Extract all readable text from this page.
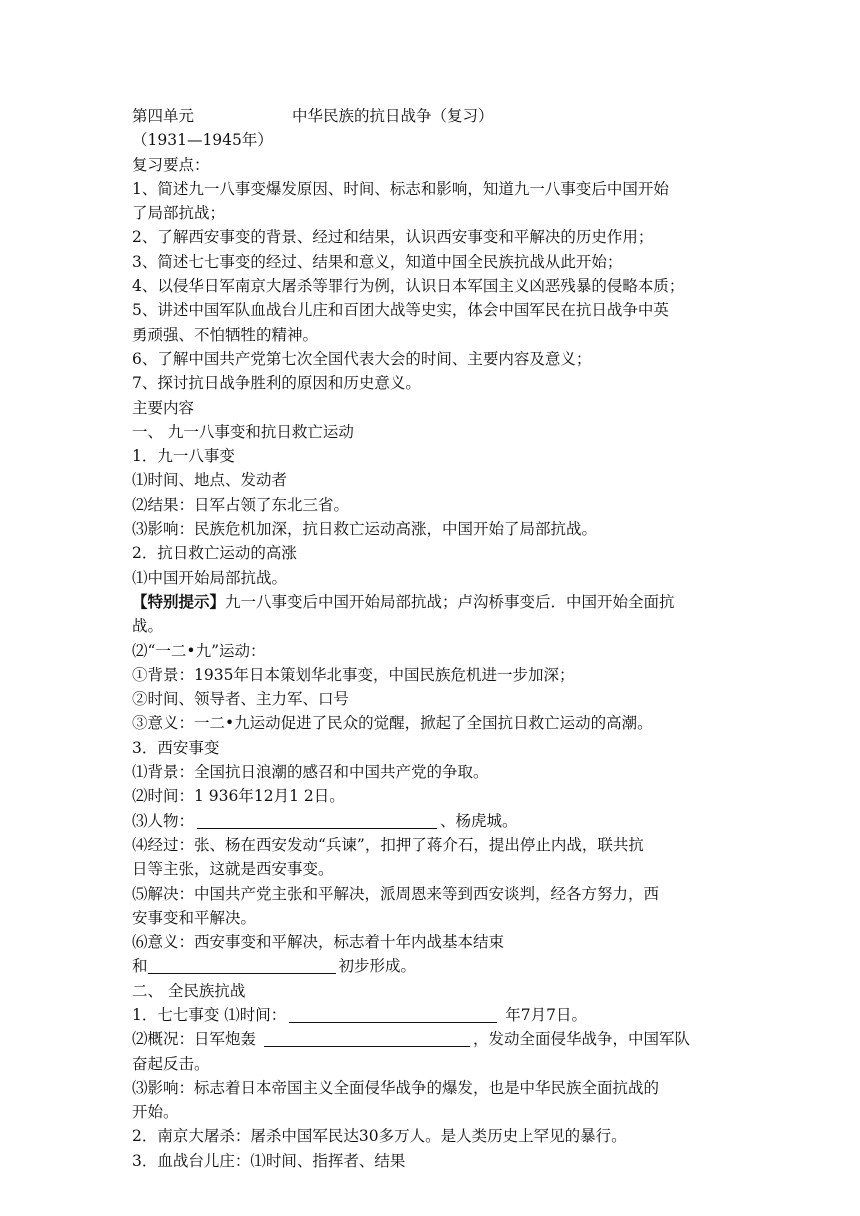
第四单元	中华民族的抗日战争（复习）
（1931—1945年）
复习要点：
1、简述九一八事变爆发原因、时间、标志和影响，知道九一八事变后中国开始
了局部抗战；
2、了解西安事变的背景、经过和结果，认识西安事变和平解决的历史作用；
3、简述七七事变的经过、结果和意义，知道中国全民族抗战从此开始；
4、以侵华日军南京大屠杀等罪行为例，认识日本军国主义凶恶残暴的侵略本质；
5、讲述中国军队血战台儿庄和百团大战等史实，体会中国军民在抗日战争中英
勇顽强、不怕牺牲的精神。
6、了解中国共产党第七次全国代表大会的时间、主要内容及意义；
7、探讨抗日战争胜利的原因和历史意义。
主要内容
一、 九一八事变和抗日救亡运动
1．九一八事变
⑴时间、地点、发动者
⑵结果：日军占领了东北三省。
⑶影响：民族危机加深，抗日救亡运动高涨，中国开始了局部抗战。
2．抗日救亡运动的高涨
⑴中国开始局部抗战。
【特别提示】九一八事变后中国开始局部抗战；卢沟桥事变后．中国开始全面抗
战。
⑵“一二•九”运动：
①背景：1935年日本策划华北事变，中国民族危机进一步加深；
②时间、领导者、主力军、口号
③意义：一二•九运动促进了民众的觉醒，掀起了全国抗日救亡运动的高潮。
3．西安事变
⑴背景：全国抗日浪潮的感召和中国共产党的争取。
⑵时间：1 936年12月1 2日。
⑶人物：	、杨虎城。
⑷经过：张、杨在西安发动“兵谏”，扣押了蒋介石，提出停止内战，联共抗
日等主张，这就是西安事变。
⑸解决：中国共产党主张和平解决，派周恩来等到西安谈判，经各方努力，西
安事变和平解决。
⑹意义：西安事变和平解决，标志着十年内战基本结束
和	初步形成。
二、 全民族抗战
1．七七事变 ⑴时间：	年7月7日。
⑵概况：日军炮轰	，发动全面侵华战争，中国军队
奋起反击。
⑶影响：标志着日本帝国主义全面侵华战争的爆发，也是中华民族全面抗战的
开始。
2．南京大屠杀：屠杀中国军民达30多万人。是人类历史上罕见的暴行。
3．血战台儿庄：⑴时间、指挥者、结果
